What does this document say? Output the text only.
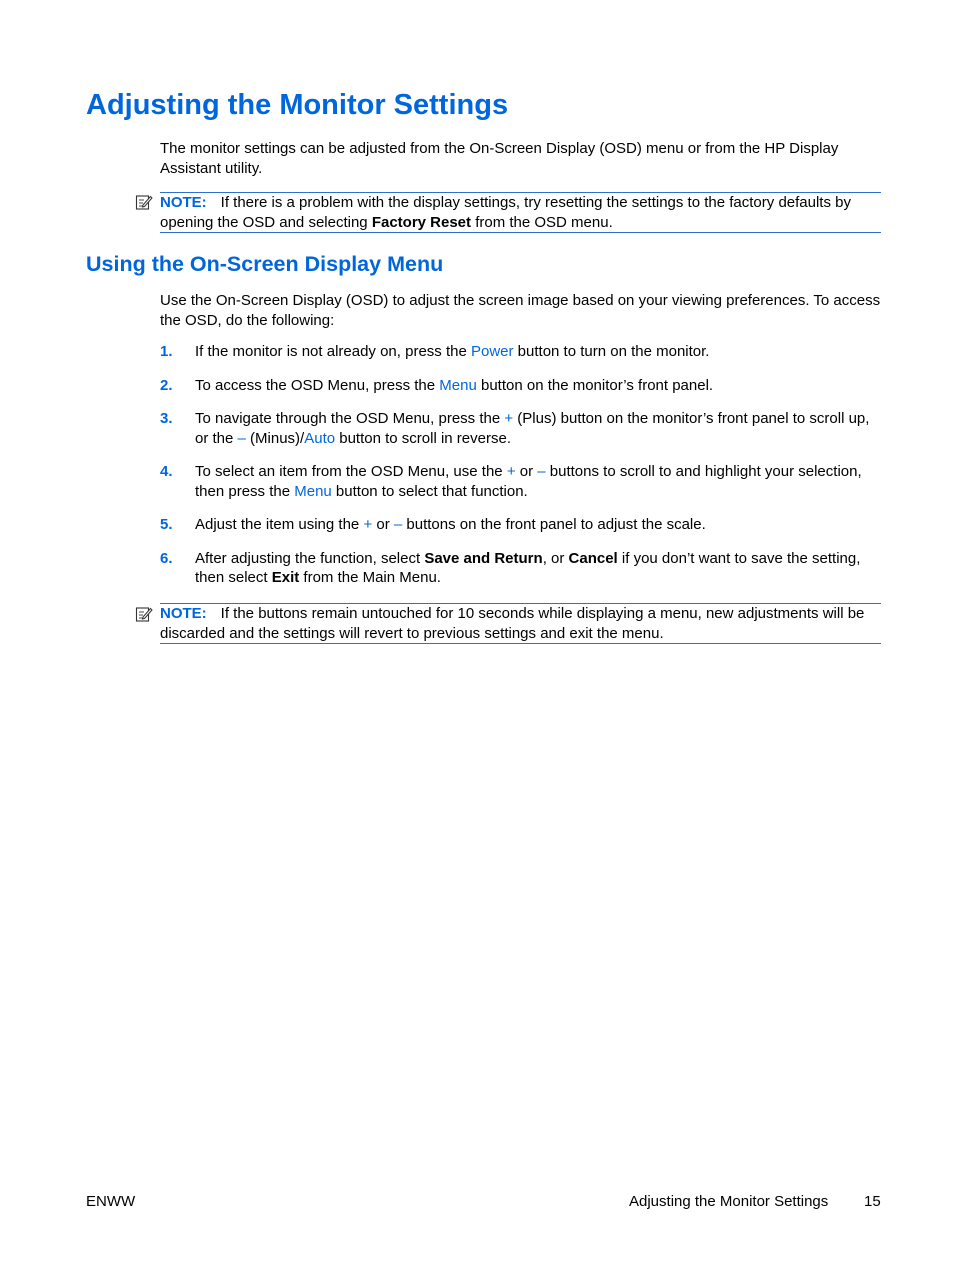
Adjusting the Monitor Settings

The monitor settings can be adjusted from the On-Screen Display (OSD) menu or from the HP Display Assistant utility.

NOTE: If there is a problem with the display settings, try resetting the settings to the factory defaults by opening the OSD and selecting Factory Reset from the OSD menu.
Using the On-Screen Display Menu

Use the On-Screen Display (OSD) to adjust the screen image based on your viewing preferences. To access the OSD, do the following:

1. If the monitor is not already on, press the Power button to turn on the monitor.
2. To access the OSD Menu, press the Menu button on the monitor’s front panel.
3. To navigate through the OSD Menu, press the + (Plus) button on the monitor’s front panel to scroll up, or the – (Minus)/Auto button to scroll in reverse.
4. To select an item from the OSD Menu, use the + or – buttons to scroll to and highlight your selection, then press the Menu button to select that function.
5. Adjust the item using the + or – buttons on the front panel to adjust the scale.
6. After adjusting the function, select Save and Return, or Cancel if you don’t want to save the setting, then select Exit from the Main Menu.
NOTE: If the buttons remain untouched for 10 seconds while displaying a menu, new adjustments will be discarded and the settings will revert to previous settings and exit the menu.
ENWW	Adjusting the Monitor Settings 15
